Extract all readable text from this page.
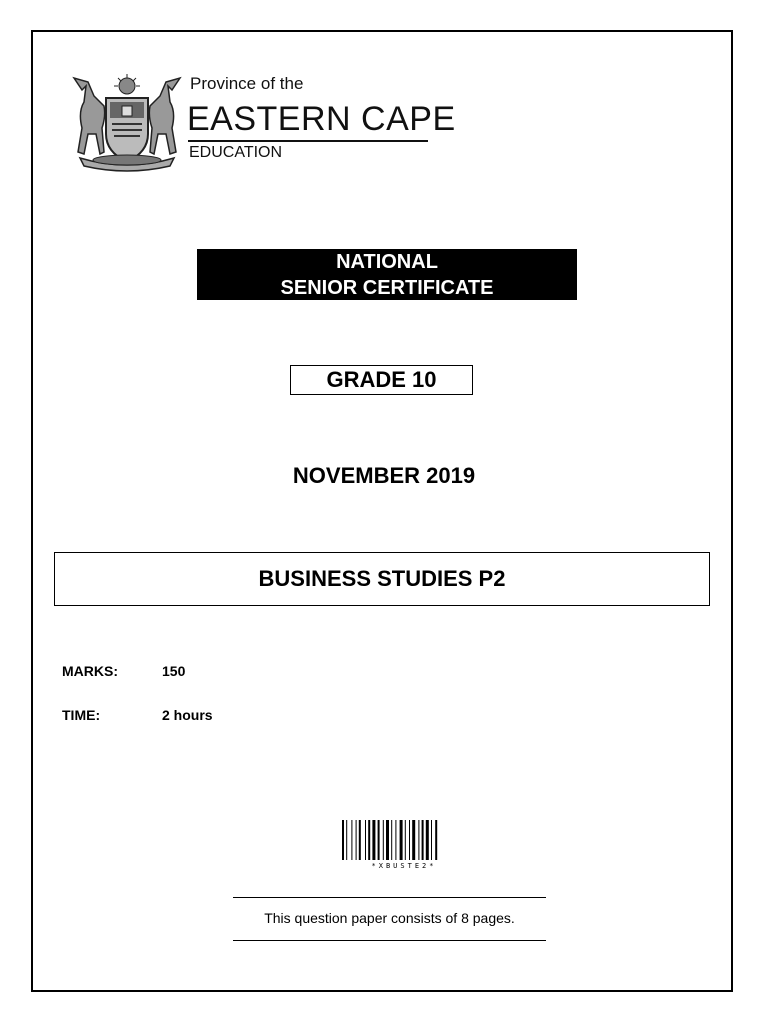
Province of the
EASTERN CAPE
EDUCATION
NATIONAL
SENIOR CERTIFICATE
GRADE 10
NOVEMBER 2019
BUSINESS STUDIES P2
MARKS:	150
TIME:	2 hours
*XBUSTE2*
This question paper consists of 8 pages.
